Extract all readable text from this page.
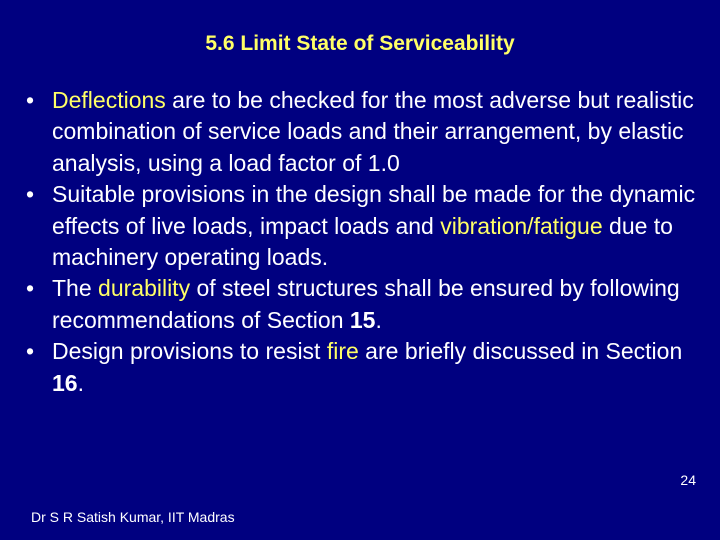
5.6 Limit State of Serviceability
• Deflections are to be checked for the most adverse but realistic combination of service loads and their arrangement, by elastic analysis, using a load factor of 1.0
• Suitable provisions in the design shall be made for the dynamic effects of live loads, impact loads and vibration/fatigue due to machinery operating loads.
• The durability of steel structures shall be ensured by following recommendations of Section 15.
• Design provisions to resist fire are briefly discussed in Section 16.
Dr S R Satish Kumar, IIT Madras
24
